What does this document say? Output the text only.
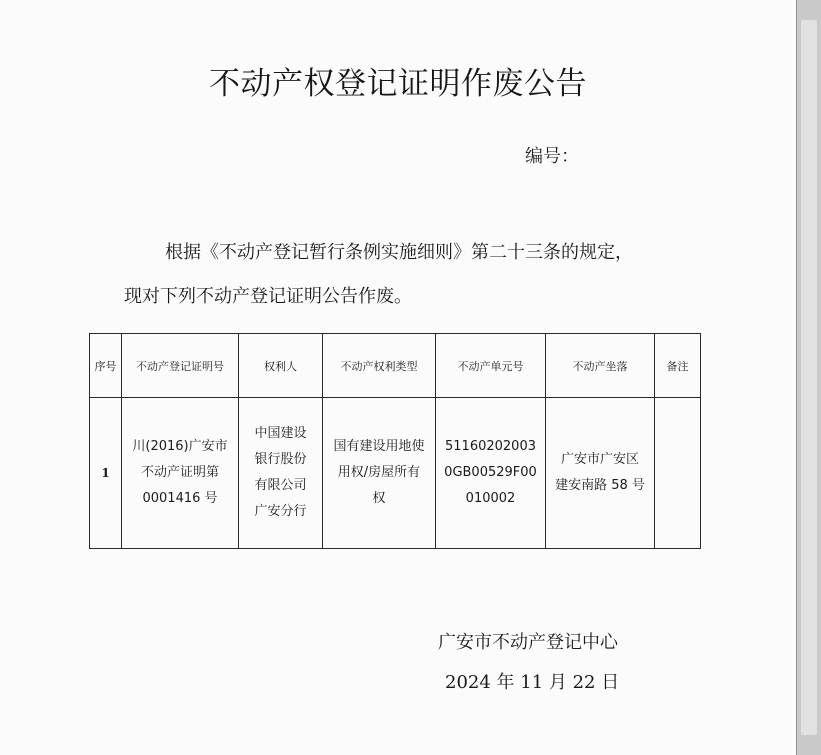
不动产权登记证明作废公告
编号：
根据《不动产登记暂行条例实施细则》第二十三条的规定，
现对下列不动产登记证明公告作废。
序号	不动产登记证明号	权利人	不动产权利类型	不动产单元号	不动产坐落	备注
1	川(2016)广安市
不动产证明第
0001416 号	中国建设
银行股份
有限公司
广安分行	国有建设用地使
用权/房屋所有
权	51160202003
0GB00529F00
010002	广安市广安区
建安南路 58 号	

广安市不动产登记中心
2024 年 11 月 22 日
